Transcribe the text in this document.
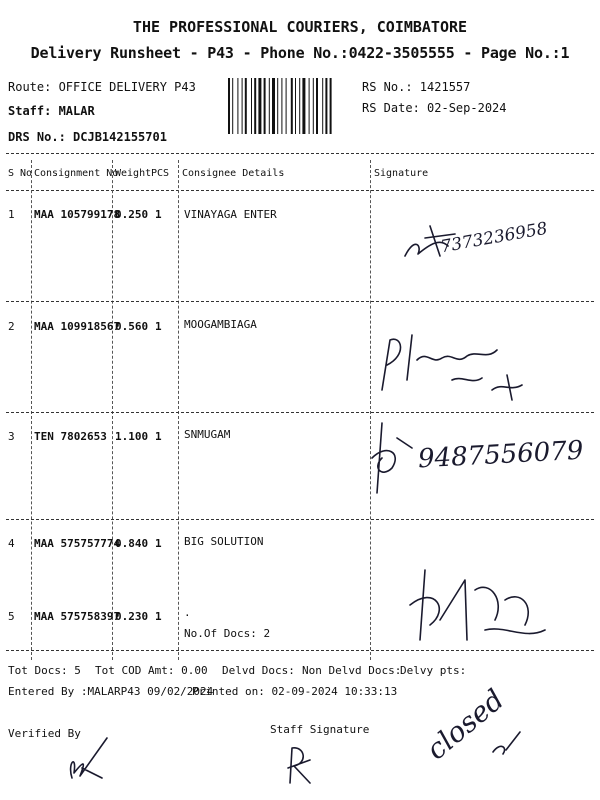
THE PROFESSIONAL COURIERS, COIMBATORE
Delivery Runsheet - P43 - Phone No.:0422-3505555 - Page No.:1
Route: OFFICE DELIVERY P43
Staff: MALAR
DRS No.: DCJB142155701
RS No.: 1421557
RS Date: 02-Sep-2024
S No Consignment No
Weight PCS Consignee Details	Signature
1 MAA 105799178
0.250 1 VINAYAGA ENTER
2 MAA 109918567
0.560 1 MOOGAMBIAGA
3 TEN 7802653 1.100 1 SNMUGAM
4 MAA 575757774
0.840 1 BIG SOLUTION
5 MAA 575758397
0.230 1 .
No.Of Docs: 2
7373236958
9487556079
Tot Docs: 5 Tot COD Amt: 0.00 Delvd Docs: Non Delvd Docs:
Delvy pts:
Entered By :MALARP43 09/02/2024
Printed on: 02-09-2024 10:33:13
Verified By	Staff Signature closed
